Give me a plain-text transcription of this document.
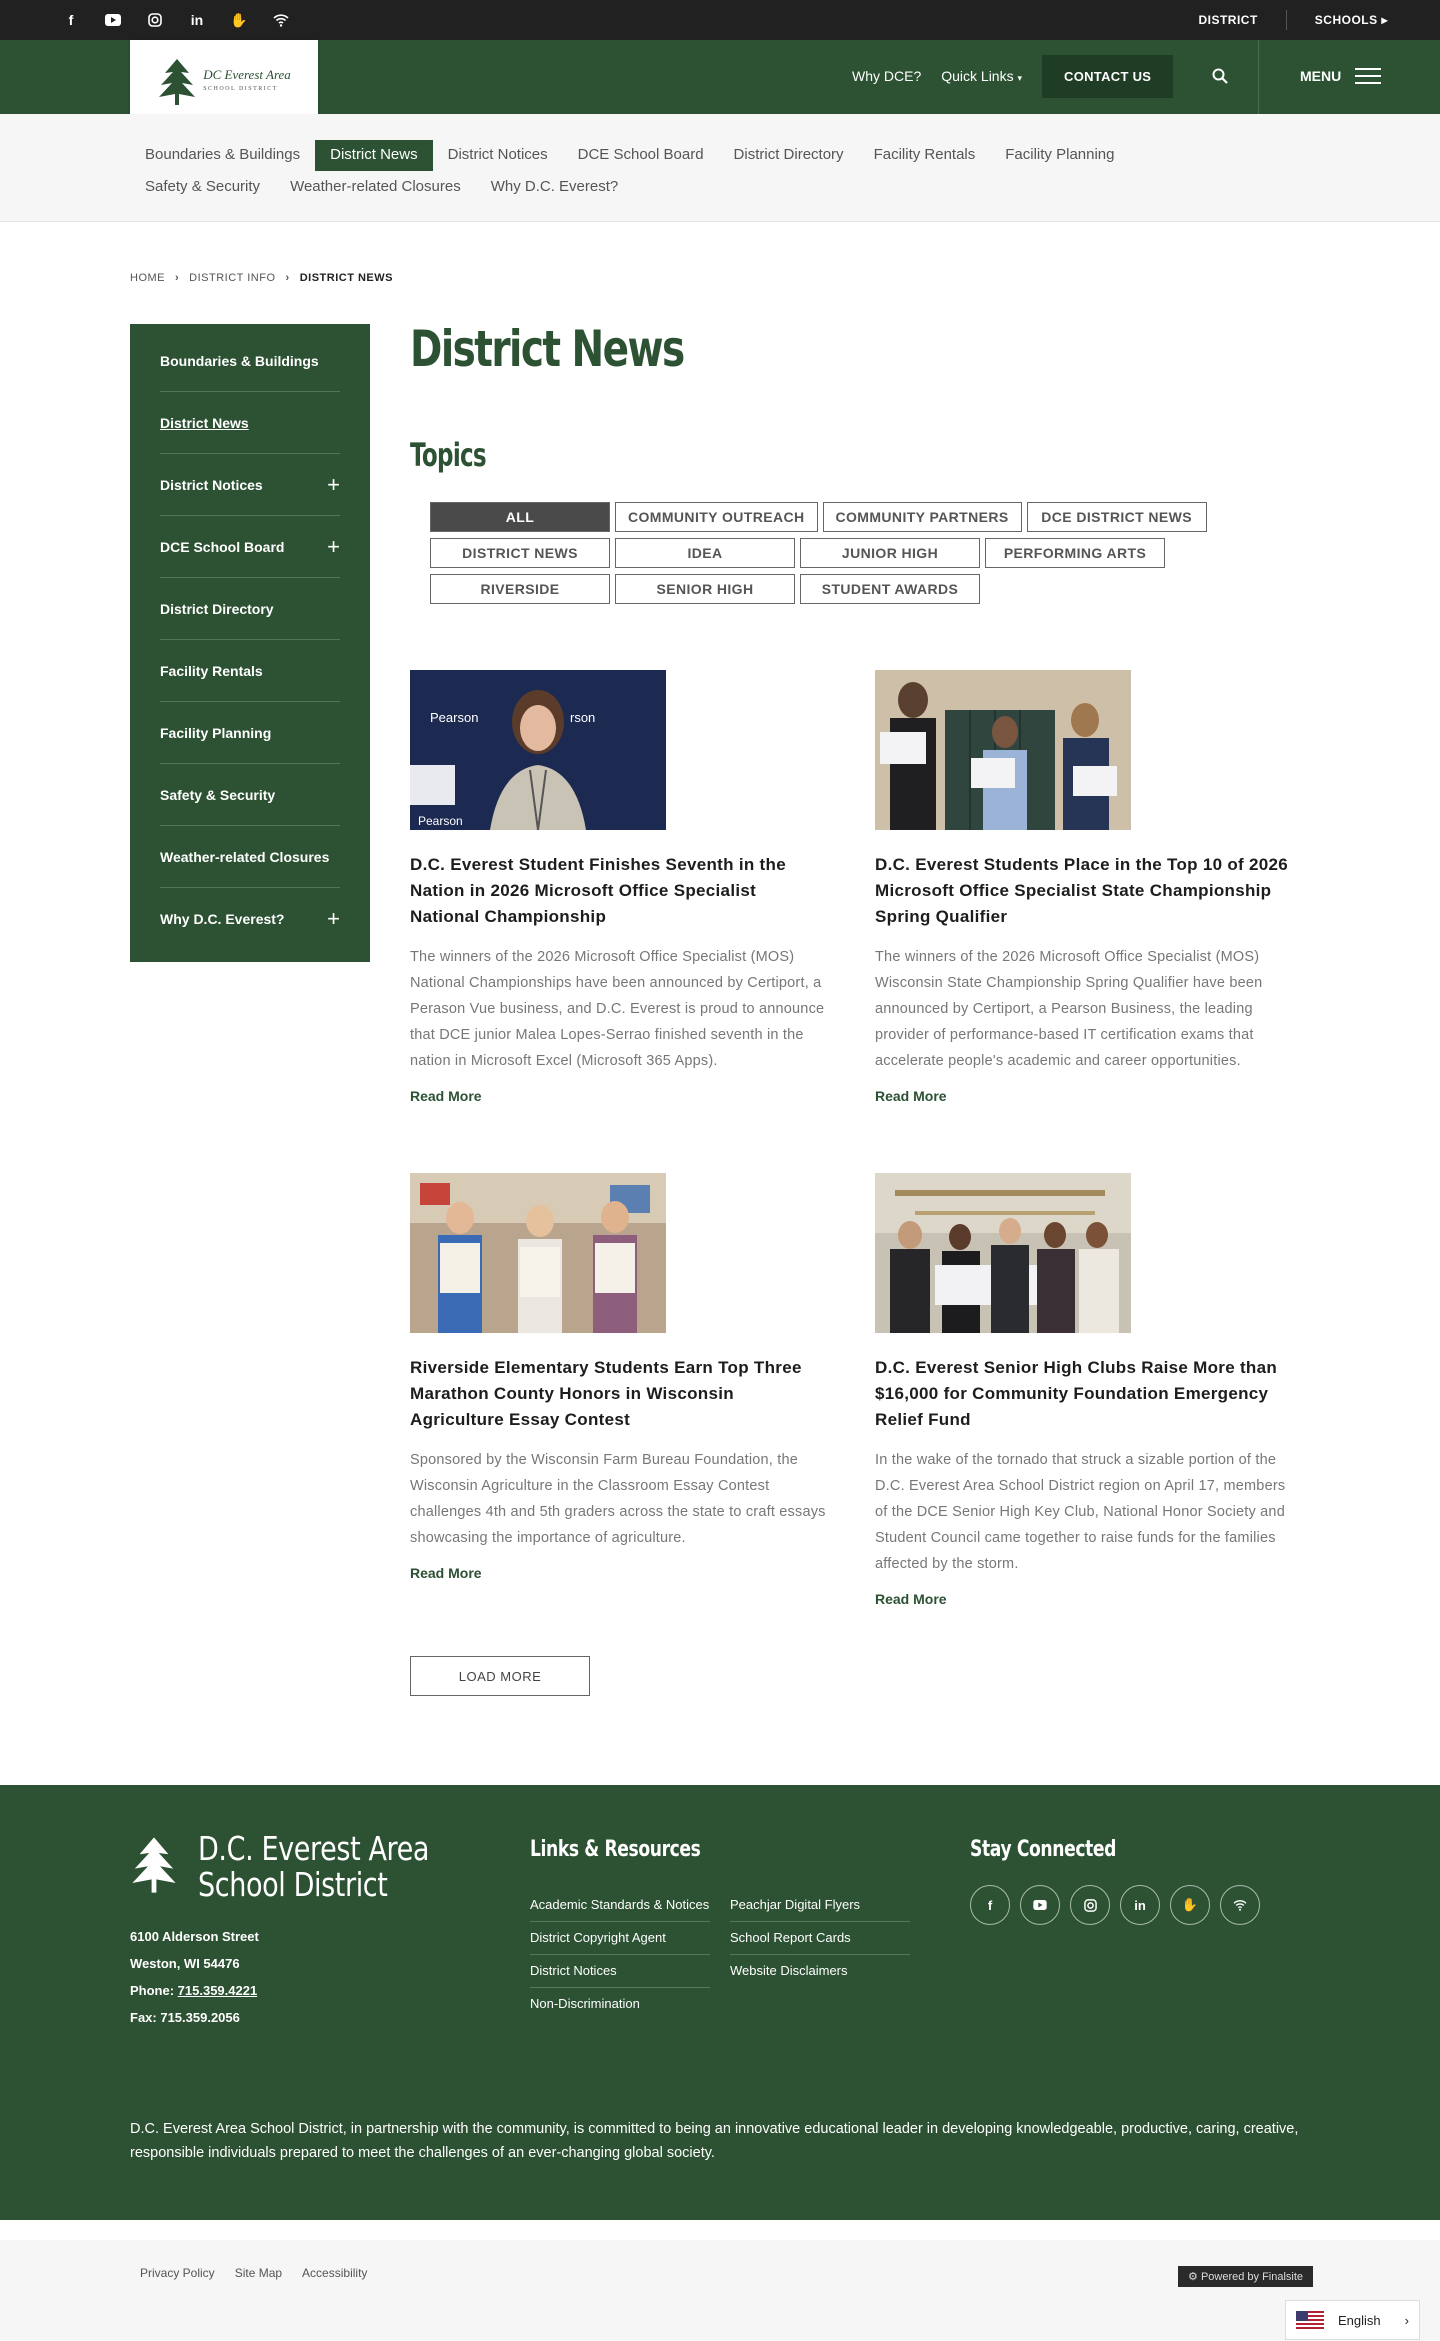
f	in	✋	DISTRICT	SCHOOLS ▸
DC Everest Area
SCHOOL DISTRICT
Why DCE? Quick Links ▾	CONTACT US	MENU
Boundaries & Buildings	District News	District Notices	DCE School Board	District Directory	Facility Rentals	Facility Planning
Safety & Security	Weather-related Closures	Why D.C. Everest?
HOME › DISTRICT INFO › DISTRICT NEWS
Boundaries & Buildings
District News
District Notices	+
DCE School Board +
District Directory
Facility Rentals
Facility Planning
Safety & Security
Weather-related Closures
Why D.C. Everest? +
District News
Topics
ALL	COMMUNITY OUTREACH	COMMUNITY PARTNERS	DCE DISTRICT NEWS
DISTRICT NEWS	IDEA	JUNIOR HIGH	PERFORMING ARTS
RIVERSIDE	SENIOR HIGH	STUDENT AWARDS
Pearson	rson
Pearson
D.C. Everest Student Finishes Seventh in the Nation in 2026 Microsoft Office Specialist National Championship

The winners of the 2026 Microsoft Office Specialist (MOS) National Championships have been announced by Certiport, a Perason Vue business, and D.C. Everest is proud to announce that DCE junior Malea Lopes-Serrao finished seventh in the nation in Microsoft Excel (Microsoft 365 Apps).

Read More
D.C. Everest Students Place in the Top 10 of 2026 Microsoft Office Specialist State Championship Spring Qualifier

The winners of the 2026 Microsoft Office Specialist (MOS) Wisconsin State Championship Spring Qualifier have been announced by Certiport, a Pearson Business, the leading provider of performance-based IT certification exams that accelerate people's academic and career opportunities.

Read More
Riverside Elementary Students Earn Top Three Marathon County Honors in Wisconsin Agriculture Essay Contest

Sponsored by the Wisconsin Farm Bureau Foundation, the Wisconsin Agriculture in the Classroom Essay Contest challenges 4th and 5th graders across the state to craft essays showcasing the importance of agriculture.

Read More
D.C. Everest Senior High Clubs Raise More than $16,000 for Community Foundation Emergency Relief Fund

In the wake of the tornado that struck a sizable portion of the D.C. Everest Area School District region on April 17, members of the DCE Senior High Key Club, National Honor Society and Student Council came together to raise funds for the families affected by the storm.

Read More
LOAD MORE
D.C. Everest Area School District
6100 Alderson Street
Weston, WI 54476
Phone: 715.359.4221
Fax: 715.359.2056
Links & Resources
Academic Standards & Notices
District Copyright Agent
District Notices
Non-Discrimination
Peachjar Digital Flyers
School Report Cards
Website Disclaimers
Stay Connected
f	in	✋

D.C. Everest Area School District, in partnership with the community, is committed to being an innovative educational leader in developing knowledgeable, productive, caring, creative, responsible individuals prepared to meet the challenges of an ever-changing global society.

Privacy Policy Site Map Accessibility	⚙ Powered by Finalsite
English	›
